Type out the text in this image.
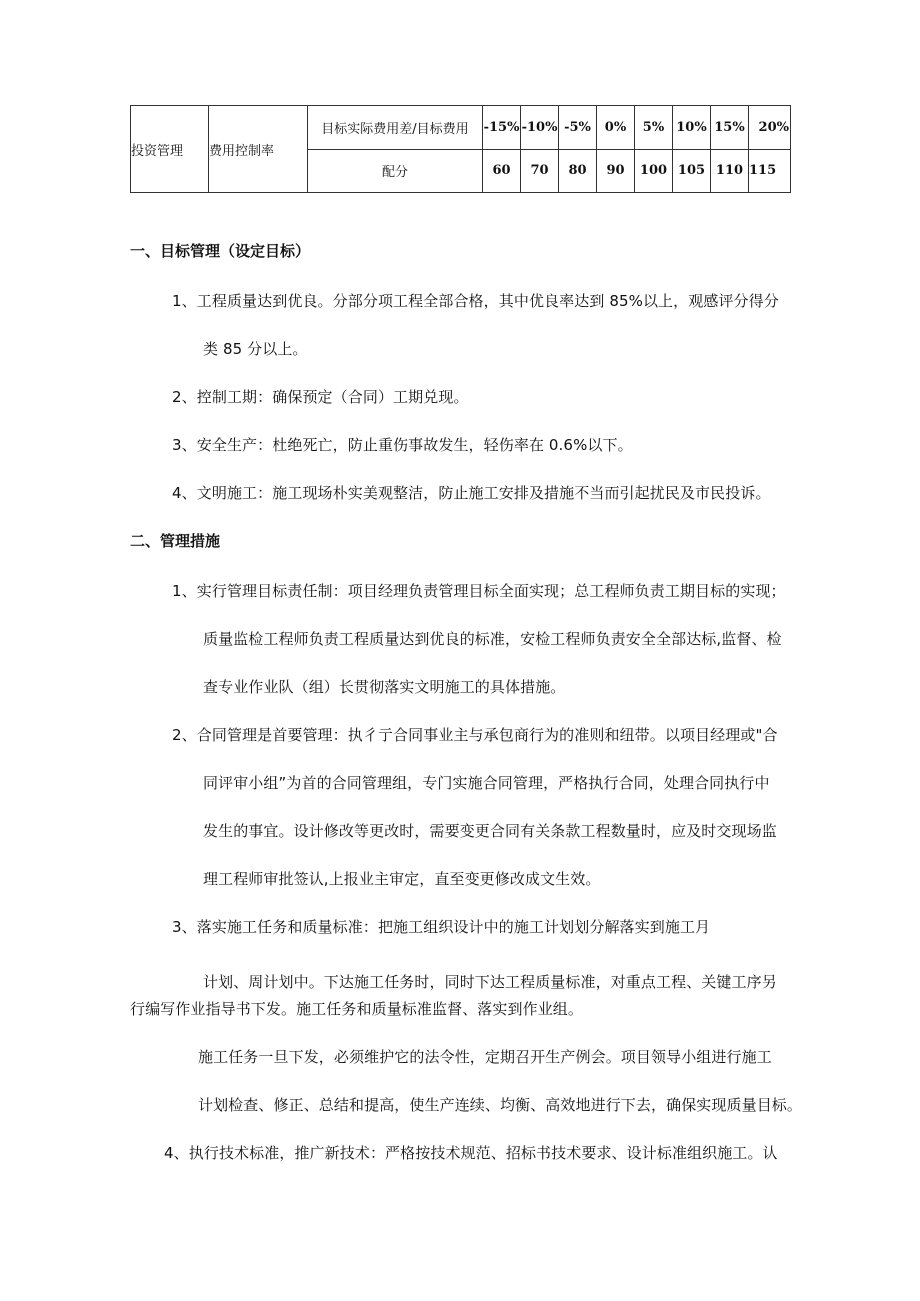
投资管理	费用控制率	目标实际费用差/目标费用	-15%	-10%	-5%	0%	5%	10%	15%	20%
		配分	60	70	80	90	100	105	110	115
一、目标管理（设定目标）
1、工程质量达到优良。分部分项工程全部合格，其中优良率达到 85%以上，观感评分得分
类 85 分以上。
2、控制工期：确保预定（合同）工期兑现。
3、安全生产：杜绝死亡，防止重伤事故发生，轻伤率在 0.6%以下。
4、文明施工：施工现场朴实美观整洁，防止施工安排及措施不当而引起扰民及市民投诉。
二、管理措施
1、实行管理目标责任制：项目经理负责管理目标全面实现；总工程师负责工期目标的实现；
质量监检工程师负责工程质量达到优良的标准，安检工程师负责安全全部达标,监督、检
查专业作业队（组）长贯彻落实文明施工的具体措施。
2、合同管理是首要管理：执彳亍合同事业主与承包商行为的准则和纽带。以项目经理或"合
同评审小组”为首的合同管理组，专门实施合同管理，严格执行合同，处理合同执行中
发生的事宜。设计修改等更改时，需要变更合同有关条款工程数量时，应及时交现场监
理工程师审批签认,上报业主审定，直至变更修改成文生效。
3、落实施工任务和质量标准：把施工组织设计中的施工计划划分解落实到施工月
计划、周计划中。下达施工任务时，同时下达工程质量标准，对重点工程、关键工序另
行编写作业指导书下发。施工任务和质量标准监督、落实到作业组。
施工任务一旦下发，必须维护它的法令性，定期召开生产例会。项目领导小组进行施工
计划检查、修正、总结和提高，使生产连续、均衡、高效地进行下去，确保实现质量目标。
4、执行技术标准，推广新技术：严格按技术规范、招标书技术要求、设计标准组织施工。认
